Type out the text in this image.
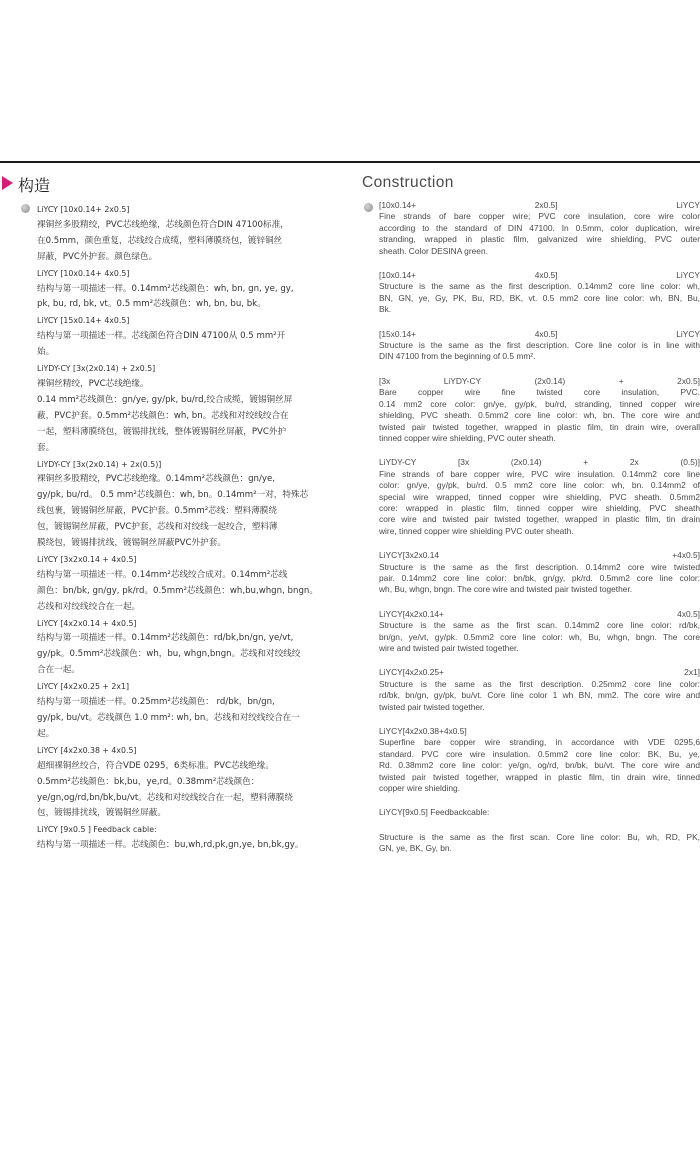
构造
LiYCY [10x0.14+ 2x0.5]
裸铜丝多股精绞，PVC芯线绝缘，芯线颜色符合DIN 47100标准，
在0.5mm，颜色重复，芯线绞合成缆，塑料薄膜绕包，镀锌铜丝
屏蔽，PVC外护套。颜色绿色。
LiYCY [10x0.14+ 4x0.5]
结构与第一项描述一样。0.14mm²芯线颜色：wh, bn, gn, ye, gy,
pk, bu, rd, bk, vt。0.5 mm²芯线颜色：wh, bn, bu, bk。
LiYCY [15x0.14+ 4x0.5]
结构与第一项描述一样。芯线颜色符合DIN 47100从 0.5 mm²开
始。
LiYDY-CY [3x(2x0.14) + 2x0.5]
裸铜丝精绞，PVC芯线绝缘。
0.14 mm²芯线颜色：gn/ye, gy/pk, bu/rd,绞合成缆，镀锡铜丝屏
蔽，PVC护套。0.5mm²芯线颜色：wh, bn。芯线和对绞线绞合在
一起，塑料薄膜绕包，镀锡排扰线，整体镀锡铜丝屏蔽，PVC外护
套。
LiYDY-CY [3x(2x0.14) + 2x(0.5)]
裸铜丝多股精绞，PVC芯线绝缘。0.14mm²芯线颜色：gn/ye,
gy/pk, bu/rd。 0.5 mm²芯线颜色：wh, bn。0.14mm²一对，特殊芯
线包裹，镀锡铜丝屏蔽，PVC护套。0.5mm²芯线：塑料薄膜绕
包，镀锡铜丝屏蔽，PVC护套，芯线和对绞线一起绞合，塑料薄
膜绕包，镀锡排扰线，镀锡铜丝屏蔽PVC外护套。
LiYCY [3x2x0.14 + 4x0.5]
结构与第一项描述一样。0.14mm²芯线绞合成对。0.14mm²芯线
颜色：bn/bk, gn/gy, pk/rd。0.5mm²芯线颜色：wh,bu,whgn, bngn。
芯线和对绞线绞合在一起。
LiYCY [4x2x0.14 + 4x0.5]
结构与第一项描述一样。0.14mm²芯线颜色：rd/bk,bn/gn, ye/vt,
gy/pk。0.5mm²芯线颜色：wh，bu, whgn,bngn。芯线和对绞线绞
合在一起。
LiYCY [4x2x0.25 + 2x1]
结构与第一项描述一样。0.25mm²芯线颜色： rd/bk，bn/gn,
gy/pk, bu/vt。芯线颜色 1.0 mm²: wh, bn。芯线和对绞线绞合在一
起。
LiYCY [4x2x0.38 + 4x0.5]
超细裸铜丝绞合，符合VDE 0295，6类标准。PVC芯线绝缘。
0.5mm²芯线颜色：bk,bu，ye,rd。0.38mm²芯线颜色：
ye/gn,og/rd,bn/bk,bu/vt。芯线和对绞线绞合在一起，塑料薄膜绕
包，镀锡排扰线，镀锡铜丝屏蔽。
LiYCY [9x0.5 ] Feedback cable:
结构与第一项描述一样。芯线颜色：bu,wh,rd,pk,gn,ye, bn,bk,gy。
Construction
[10x0.14+ 2x0.5] LiYCY
Fine strands of bare copper wire; PVC core insulation, core wire color
according to the standard of DIN 47100. In 0.5mm, color duplication, wire
stranding, wrapped in plastic film, galvanized wire shielding, PVC outer
sheath. Color DESINA green.
[10x0.14+ 4x0.5] LiYCY
Structure is the same as the first description. 0.14mm2 core line color: wh,
BN, GN, ye, Gy, PK, Bu, RD, BK, vt. 0.5 mm2 core line color: wh, BN, Bu,
Bk.
[15x0.14+ 4x0.5] LiYCY
Structure is the same as the first description. Core line color is in line with
DIN 47100 from the beginning of 0.5 mm².
[3x LiYDY-CY (2x0.14) + 2x0.5]
Bare copper wire fine twisted core insulation, PVC.
0.14 mm2 core color: gn/ye, gy/pk, bu/rd, stranding, tinned copper wire
shielding, PVC sheath. 0.5mm2 core line color: wh, bn. The core wire and
twisted pair twisted together, wrapped in plastic film, tin drain wire, overall
tinned copper wire shielding, PVC outer sheath.
LiYDY-CY [3x (2x0.14) + 2x (0.5)]
Fine strands of bare copper wire, PVC wire insulation. 0.14mm2 core line
color: gn/ye, gy/pk, bu/rd. 0.5 mm2 core line color: wh, bn. 0.14mm2 of
special wire wrapped, tinned copper wire shielding, PVC sheath. 0.5mm2
core: wrapped in plastic film, tinned copper wire shielding, PVC sheath
core wire and twisted pair twisted together, wrapped in plastic film, tin drain
wire, tinned copper wire shielding PVC outer sheath.
LiYCY[3x2x0.14 +4x0.5]
Structure is the same as the first description. 0.14mm2 core wire twisted
pair. 0.14mm2 core line color: bn/bk, gn/gy, pk/rd. 0.5mm2 core line color:
wh, Bu, whgn, bngn. The core wire and twisted pair twisted together.
LiYCY[4x2x0.14+ 4x0.5]
Structure is the same as the first scan. 0.14mm2 core line color: rd/bk,
bn/gn, ye/vt, gy/pk. 0.5mm2 core line color: wh, Bu, whgn, bngn. The core
wire and twisted pair twisted together.
LiYCY[4x2x0.25+ 2x1]
Structure is the same as the first description. 0.25mm2 core line color:
rd/bk, bn/gn, gy/pk, bu/vt. Core line color 1 wh BN, mm2. The core wire and
twisted pair twisted together.
LiYCY[4x2x0.38+4x0.5]
Superfine bare copper wire stranding, in accordance with VDE 0295,6
standard. PVC core wire insulation. 0.5mm2 core line color: BK, Bu, ye,
Rd. 0.38mm2 core line color: ye/gn, og/rd, bn/bk, bu/vt. The core wire and
twisted pair twisted together, wrapped in plastic film, tin drain wire, tinned
copper wire shielding.
LiYCY[9x0.5] Feedbackcable:
Structure is the same as the first scan. Core line color: Bu, wh, RD, PK,
GN, ye, BK, Gy, bn.
